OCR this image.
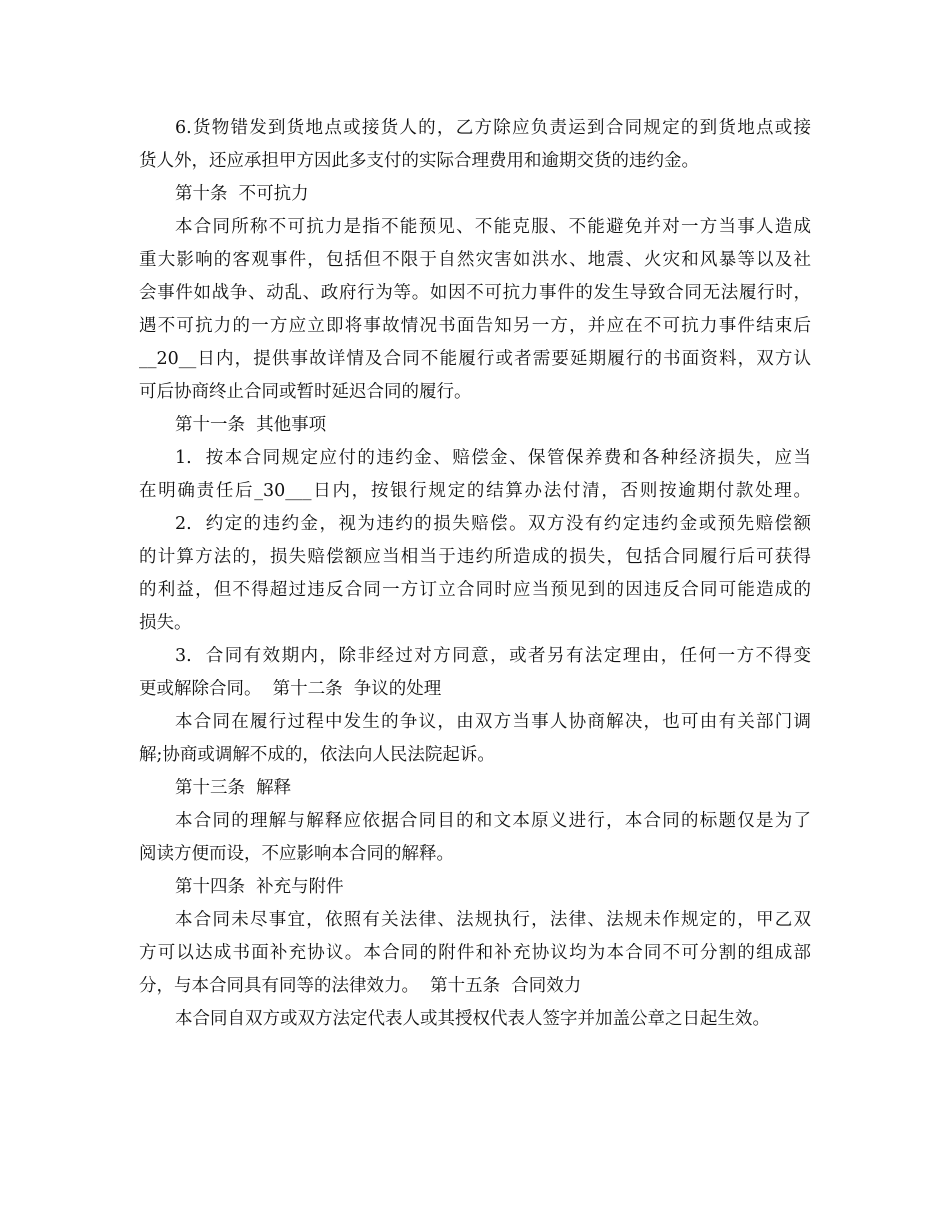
6.货物错发到货地点或接货人的，乙方除应负责运到合同规定的到货地点或接
货人外，还应承担甲方因此多支付的实际合理费用和逾期交货的违约金。
第十条  不可抗力
本合同所称不可抗力是指不能预见、不能克服、不能避免并对一方当事人造成
重大影响的客观事件，包括但不限于自然灾害如洪水、地震、火灾和风暴等以及社
会事件如战争、动乱、政府行为等。如因不可抗力事件的发生导致合同无法履行时，
遇不可抗力的一方应立即将事故情况书面告知另一方，并应在不可抗力事件结束后
__20__日内，提供事故详情及合同不能履行或者需要延期履行的书面资料，双方认
可后协商终止合同或暂时延迟合同的履行。
第十一条  其他事项
1.  按本合同规定应付的违约金、赔偿金、保管保养费和各种经济损失，应当
在明确责任后_30___日内，按银行规定的结算办法付清，否则按逾期付款处理。
2.  约定的违约金，视为违约的损失赔偿。双方没有约定违约金或预先赔偿额
的计算方法的，损失赔偿额应当相当于违约所造成的损失，包括合同履行后可获得
的利益，但不得超过违反合同一方订立合同时应当预见到的因违反合同可能造成的
损失。
3.  合同有效期内，除非经过对方同意，或者另有法定理由，任何一方不得变
更或解除合同。  第十二条  争议的处理
本合同在履行过程中发生的争议，由双方当事人协商解决，也可由有关部门调
解;协商或调解不成的，依法向人民法院起诉。
第十三条  解释
本合同的理解与解释应依据合同目的和文本原义进行，本合同的标题仅是为了
阅读方便而设，不应影响本合同的解释。
第十四条  补充与附件
本合同未尽事宜，依照有关法律、法规执行，法律、法规未作规定的，甲乙双
方可以达成书面补充协议。本合同的附件和补充协议均为本合同不可分割的组成部
分，与本合同具有同等的法律效力。  第十五条  合同效力
本合同自双方或双方法定代表人或其授权代表人签字并加盖公章之日起生效。
